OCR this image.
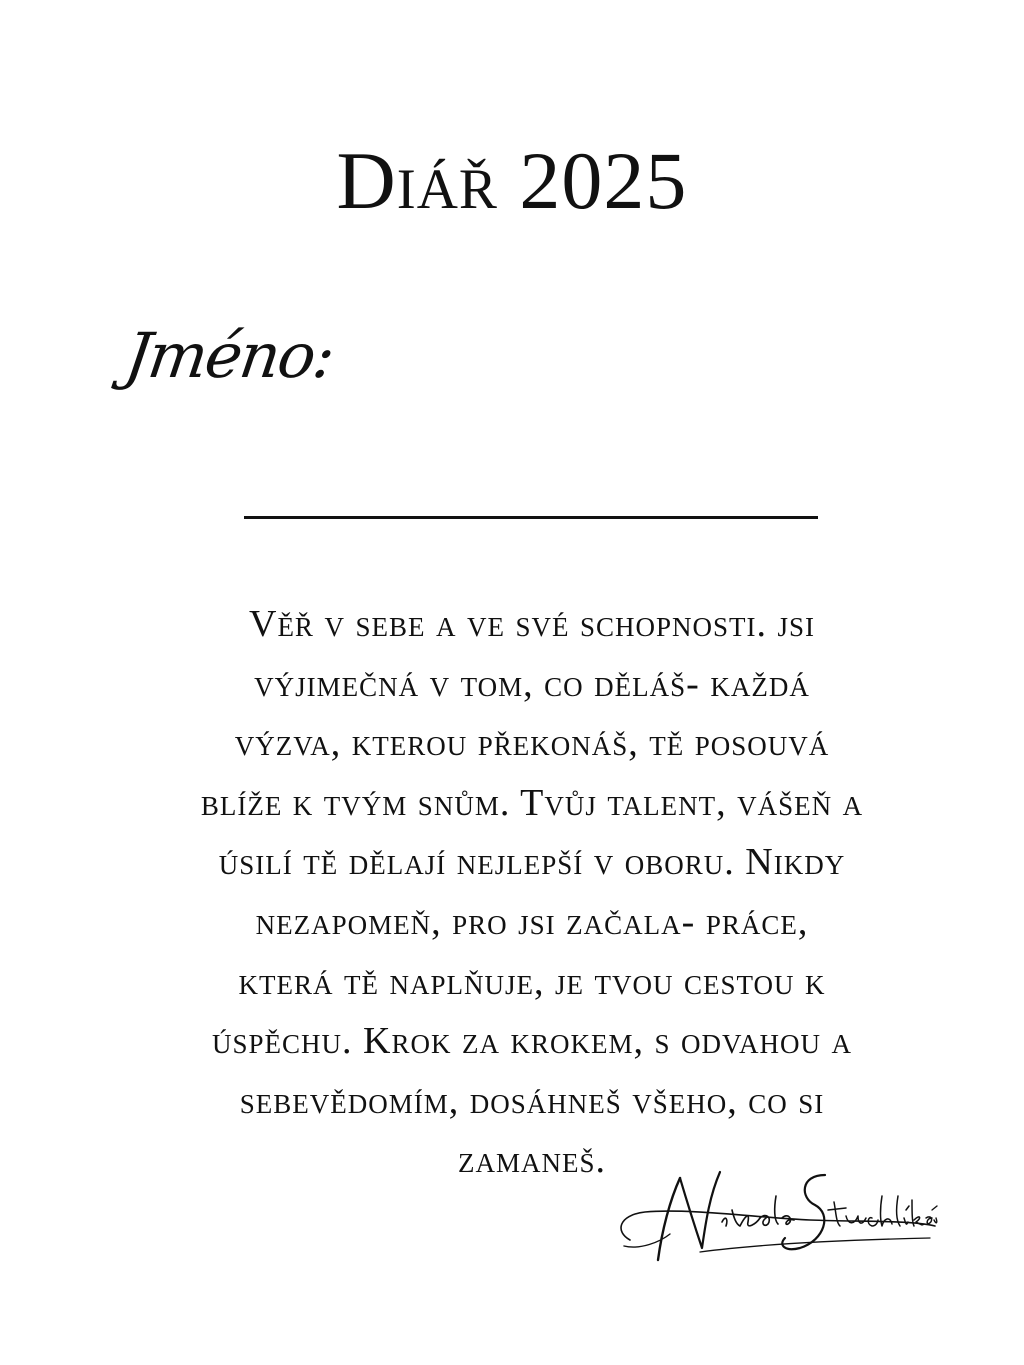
Diář 2025
Jméno:
Věř v sebe a ve své schopnosti. jsi
výjimečná v tom, co děláš- každá
výzva, kterou překonáš, tě posouvá
blíže k tvým snům. Tvůj talent, vášeň a
úsilí tě dělají nejlepší v oboru. Nikdy
nezapomeň, pro jsi začala- práce,
která tě naplňuje, je tvou cestou k
úspěchu. Krok za krokem, s odvahou a
sebevědomím, dosáhneš všeho, co si
zamaneš.
